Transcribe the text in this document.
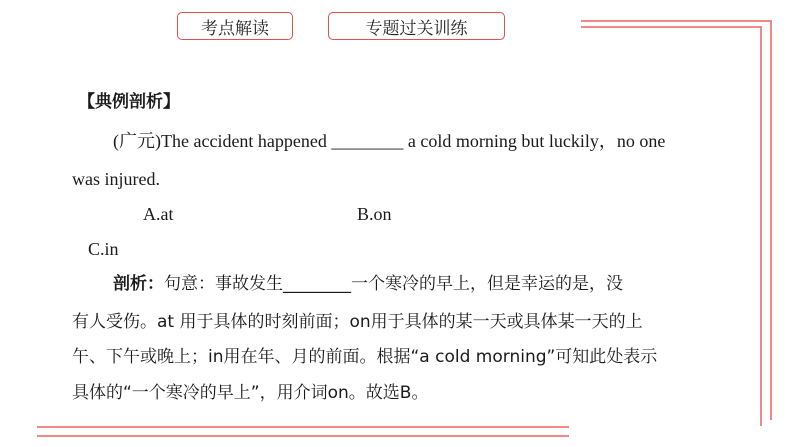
考点解读	专题过关训练
【典例剖析】
(广元)The accident happened ________ a cold morning but luckily，no one
was injured.
A.at	B.on
C.in
剖析：句意：事故发生________一个寒冷的早上，但是幸运的是，没
有人受伤。at 用于具体的时刻前面；on用于具体的某一天或具体某一天的上
午、下午或晚上；in用在年、月的前面。根据“a cold morning”可知此处表示
具体的“一个寒冷的早上”，用介词on。故选B。
